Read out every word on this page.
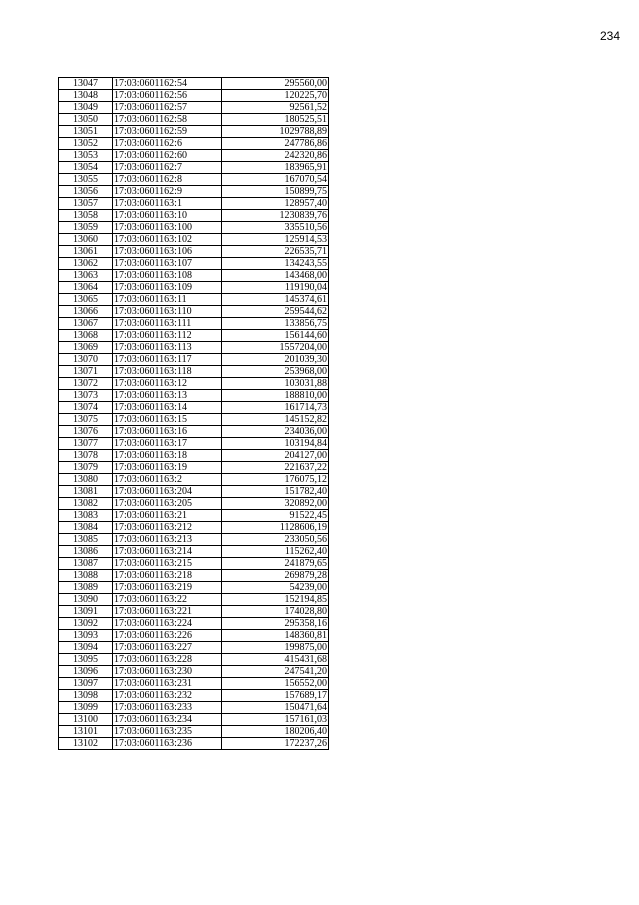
234
13047	17:03:0601162:54	295560,00
13048	17:03:0601162:56	120225,70
13049	17:03:0601162:57	92561,52
13050	17:03:0601162:58	180525,51
13051	17:03:0601162:59	1029788,89
13052	17:03:0601162:6	247786,86
13053	17:03:0601162:60	242320,86
13054	17:03:0601162:7	183965,91
13055	17:03:0601162:8	167070,54
13056	17:03:0601162:9	150899,75
13057	17:03:0601163:1	128957,40
13058	17:03:0601163:10	1230839,76
13059	17:03:0601163:100	335510,56
13060	17:03:0601163:102	125914,53
13061	17:03:0601163:106	226535,71
13062	17:03:0601163:107	134243,55
13063	17:03:0601163:108	143468,00
13064	17:03:0601163:109	119190,04
13065	17:03:0601163:11	145374,61
13066	17:03:0601163:110	259544,62
13067	17:03:0601163:111	133856,75
13068	17:03:0601163:112	156144,60
13069	17:03:0601163:113	1557204,00
13070	17:03:0601163:117	201039,30
13071	17:03:0601163:118	253968,00
13072	17:03:0601163:12	103031,88
13073	17:03:0601163:13	188810,00
13074	17:03:0601163:14	161714,73
13075	17:03:0601163:15	145152,82
13076	17:03:0601163:16	234036,00
13077	17:03:0601163:17	103194,84
13078	17:03:0601163:18	204127,00
13079	17:03:0601163:19	221637,22
13080	17:03:0601163:2	176075,12
13081	17:03:0601163:204	151782,40
13082	17:03:0601163:205	320892,00
13083	17:03:0601163:21	91522,45
13084	17:03:0601163:212	1128606,19
13085	17:03:0601163:213	233050,56
13086	17:03:0601163:214	115262,40
13087	17:03:0601163:215	241879,65
13088	17:03:0601163:218	269879,28
13089	17:03:0601163:219	54239,00
13090	17:03:0601163:22	152194,85
13091	17:03:0601163:221	174028,80
13092	17:03:0601163:224	295358,16
13093	17:03:0601163:226	148360,81
13094	17:03:0601163:227	199875,00
13095	17:03:0601163:228	415431,68
13096	17:03:0601163:230	247541,20
13097	17:03:0601163:231	156552,00
13098	17:03:0601163:232	157689,17
13099	17:03:0601163:233	150471,64
13100	17:03:0601163:234	157161,03
13101	17:03:0601163:235	180206,40
13102	17:03:0601163:236	172237,26
